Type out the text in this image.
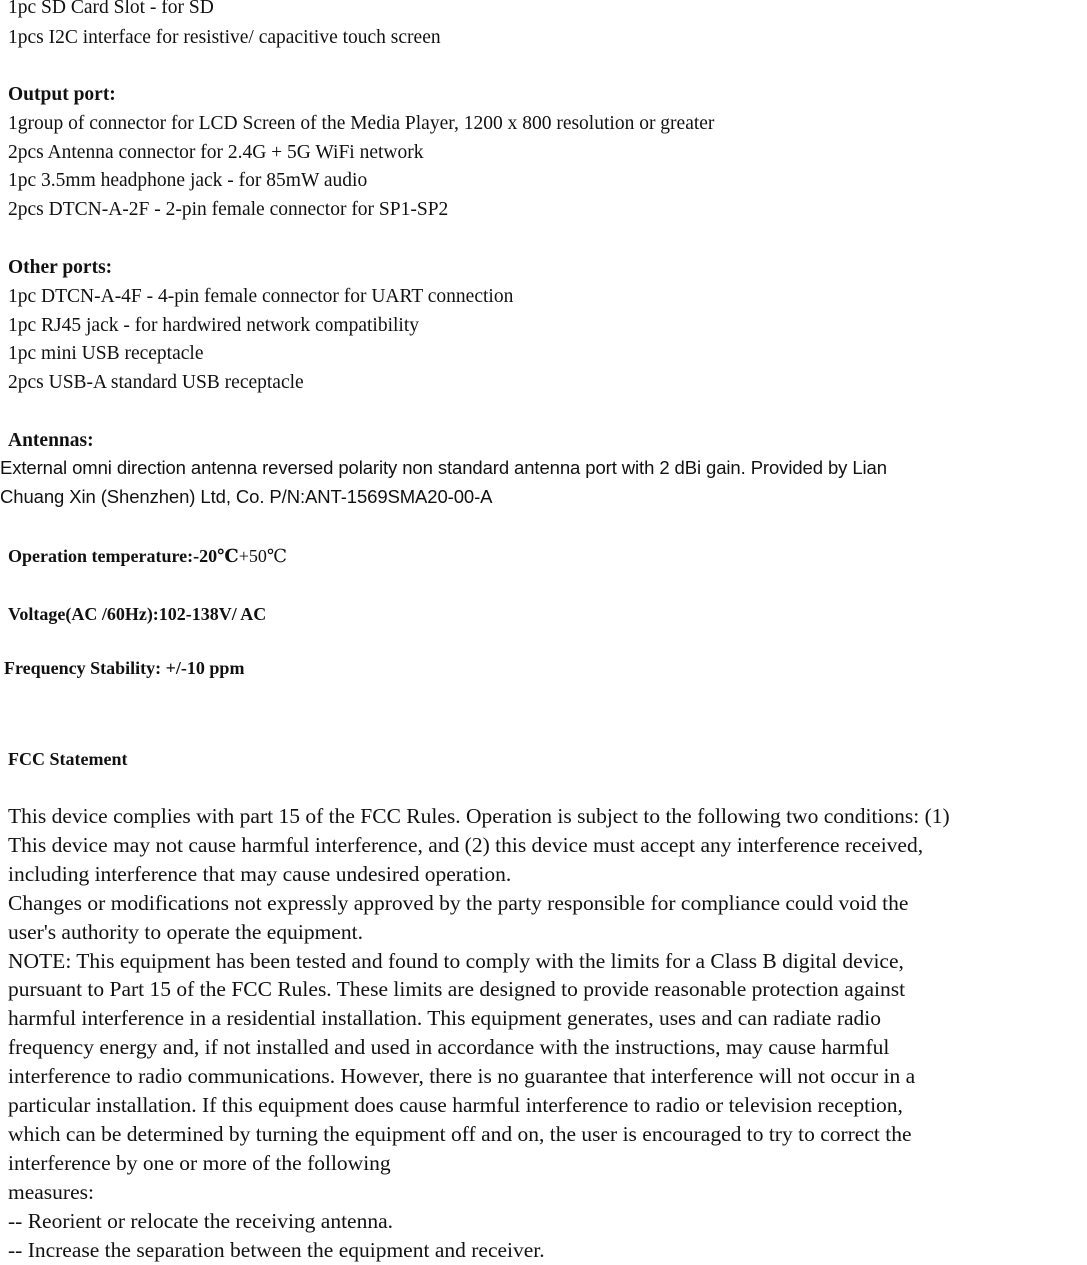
1pc SD Card Slot - for SD
1pcs I2C interface for resistive/ capacitive touch screen
Output port:
1group of connector for LCD Screen of the Media Player, 1200 x 800 resolution or greater
2pcs Antenna connector for 2.4G + 5G WiFi network
1pc 3.5mm headphone jack - for 85mW audio
2pcs DTCN-A-2F - 2-pin female connector for SP1-SP2
Other ports:
1pc DTCN-A-4F - 4-pin female connector for UART connection
1pc RJ45 jack - for hardwired network compatibility
1pc mini USB receptacle
2pcs USB-A standard USB receptacle
Antennas:
External omni direction antenna reversed polarity non standard antenna port with 2 dBi gain. Provided by Lian
Chuang Xin (Shenzhen) Ltd, Co. P/N:ANT-1569SMA20-00-A
Operation temperature:-20℃+50℃
Voltage(AC /60Hz):102-138V/ AC
Frequency Stability: +/-10 ppm
FCC Statement
This device complies with part 15 of the FCC Rules. Operation is subject to the following two conditions: (1)
This device may not cause harmful interference, and (2) this device must accept any interference received,
including interference that may cause undesired operation.
Changes or modifications not expressly approved by the party responsible for compliance could void the
user's authority to operate the equipment.
NOTE: This equipment has been tested and found to comply with the limits for a Class B digital device,
pursuant to Part 15 of the FCC Rules. These limits are designed to provide reasonable protection against
harmful interference in a residential installation. This equipment generates, uses and can radiate radio
frequency energy and, if not installed and used in accordance with the instructions, may cause harmful
interference to radio communications. However, there is no guarantee that interference will not occur in a
particular installation. If this equipment does cause harmful interference to radio or television reception,
which can be determined by turning the equipment off and on, the user is encouraged to try to correct the
interference by one or more of the following
measures:
-- Reorient or relocate the receiving antenna.
-- Increase the separation between the equipment and receiver.
